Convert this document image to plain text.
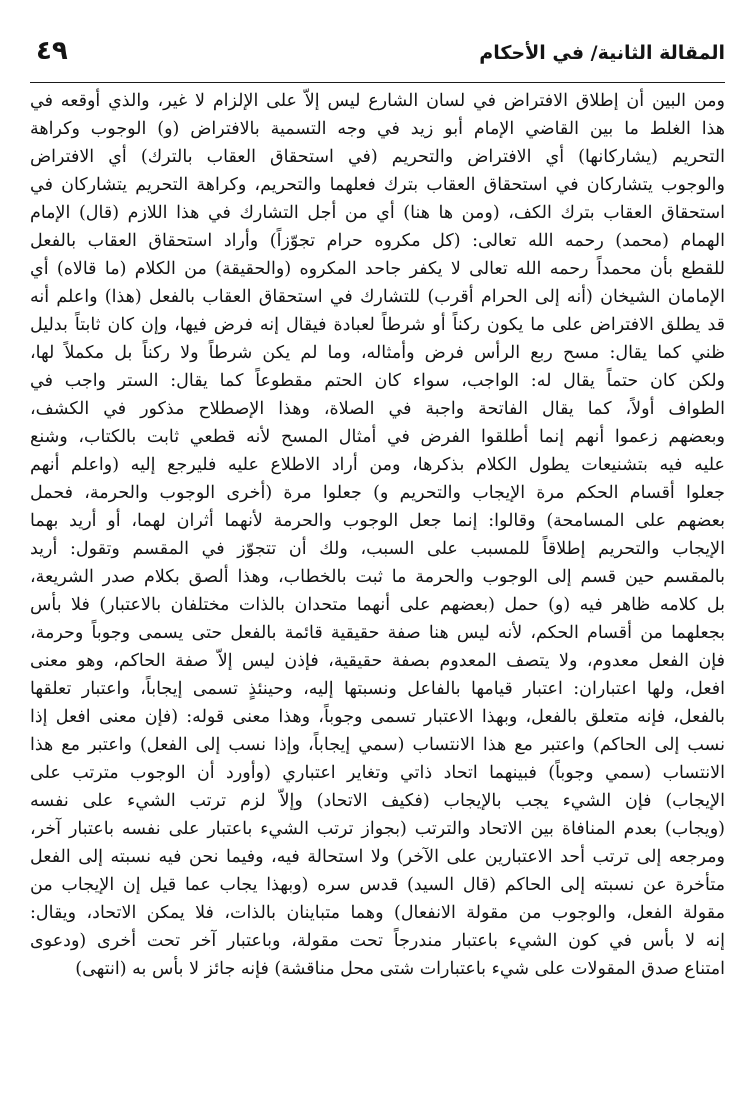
المقالة الثانية/ في الأحكام
٤٩
ومن البين أن إطلاق الافتراض في لسان الشارع ليس إلاّ على الإلزام لا غير، والذي أوقعه في
هذا الغلط ما بين القاضي الإمام أبو زيد في وجه التسمية بالافتراض (و) الوجوب وكراهة
التحريم (يشاركانها) أي الافتراض والتحريم (في استحقاق العقاب بالترك) أي الافتراض
والوجوب يتشاركان في استحقاق العقاب بترك فعلهما والتحريم، وكراهة التحريم يتشاركان في
استحقاق العقاب بترك الكف، (ومن ها هنا) أي من أجل التشارك في هذا اللازم (قال) الإمام
الهمام (محمد) رحمه الله تعالى: (كل مكروه حرام تجوّزاً) وأراد استحقاق العقاب بالفعل
للقطع بأن محمداً رحمه الله تعالى لا يكفر جاحد المكروه (والحقيقة) من الكلام (ما قالاه) أي
الإمامان الشيخان (أنه إلى الحرام أقرب) للتشارك في استحقاق العقاب بالفعل (هذا) واعلم أنه
قد يطلق الافتراض على ما يكون ركناً أو شرطاً لعبادة فيقال إنه فرض فيها، وإن كان ثابتاً بدليل
ظني كما يقال: مسح ربع الرأس فرض وأمثاله، وما لم يكن شرطاً ولا ركناً بل مكملاً لها،
ولكن كان حتماً يقال له: الواجب، سواء كان الحتم مقطوعاً كما يقال: الستر واجب في
الطواف أولاً، كما يقال الفاتحة واجبة في الصلاة، وهذا الإصطلاح مذكور في الكشف،
وبعضهم زعموا أنهم إنما أطلقوا الفرض في أمثال المسح لأنه قطعي ثابت بالكتاب، وشنع
عليه فيه بتشنيعات يطول الكلام بذكرها، ومن أراد الاطلاع عليه فليرجع إليه (واعلم أنهم
جعلوا أقسام الحكم مرة الإيجاب والتحريم و) جعلوا مرة (أخرى الوجوب والحرمة، فحمل
بعضهم على المسامحة) وقالوا: إنما جعل الوجوب والحرمة لأنهما أثران لهما، أو أريد بهما
الإيجاب والتحريم إطلاقاً للمسبب على السبب، ولك أن تتجوّز في المقسم وتقول: أريد
بالمقسم حين قسم إلى الوجوب والحرمة ما ثبت بالخطاب، وهذا ألصق بكلام صدر الشريعة،
بل كلامه ظاهر فيه (و) حمل (بعضهم على أنهما متحدان بالذات مختلفان بالاعتبار) فلا بأس
بجعلهما من أقسام الحكم، لأنه ليس هنا صفة حقيقية قائمة بالفعل حتى يسمى وجوباً وحرمة،
فإن الفعل معدوم، ولا يتصف المعدوم بصفة حقيقية، فإذن ليس إلاّ صفة الحاكم، وهو معنى
افعل، ولها اعتباران: اعتبار قيامها بالفاعل ونسبتها إليه، وحينئذٍ تسمى إيجاباً، واعتبار تعلقها
بالفعل، فإنه متعلق بالفعل، وبهذا الاعتبار تسمى وجوباً، وهذا معنى قوله: (فإن معنى افعل إذا
نسب إلى الحاكم) واعتبر مع هذا الانتساب (سمي إيجاباً، وإذا نسب إلى الفعل) واعتبر مع هذا
الانتساب (سمي وجوباً) فبينهما اتحاد ذاتي وتغاير اعتباري (وأورد أن الوجوب مترتب على
الإيجاب) فإن الشيء يجب بالإيجاب (فكيف الاتحاد) وإلاّ لزم ترتب الشيء على نفسه
(ويجاب) بعدم المنافاة بين الاتحاد والترتب (بجواز ترتب الشيء باعتبار على نفسه باعتبار آخر،
ومرجعه إلى ترتب أحد الاعتبارين على الآخر) ولا استحالة فيه، وفيما نحن فيه نسبته إلى الفعل
متأخرة عن نسبته إلى الحاكم (قال السيد) قدس سره (وبهذا يجاب عما قيل إن الإيجاب من
مقولة الفعل، والوجوب من مقولة الانفعال) وهما متباينان بالذات، فلا يمكن الاتحاد، ويقال:
إنه لا بأس في كون الشيء باعتبار مندرجاً تحت مقولة، وباعتبار آخر تحت أخرى (ودعوى
امتناع صدق المقولات على شيء باعتبارات شتى محل مناقشة) فإنه جائز لا بأس به (انتهى)
